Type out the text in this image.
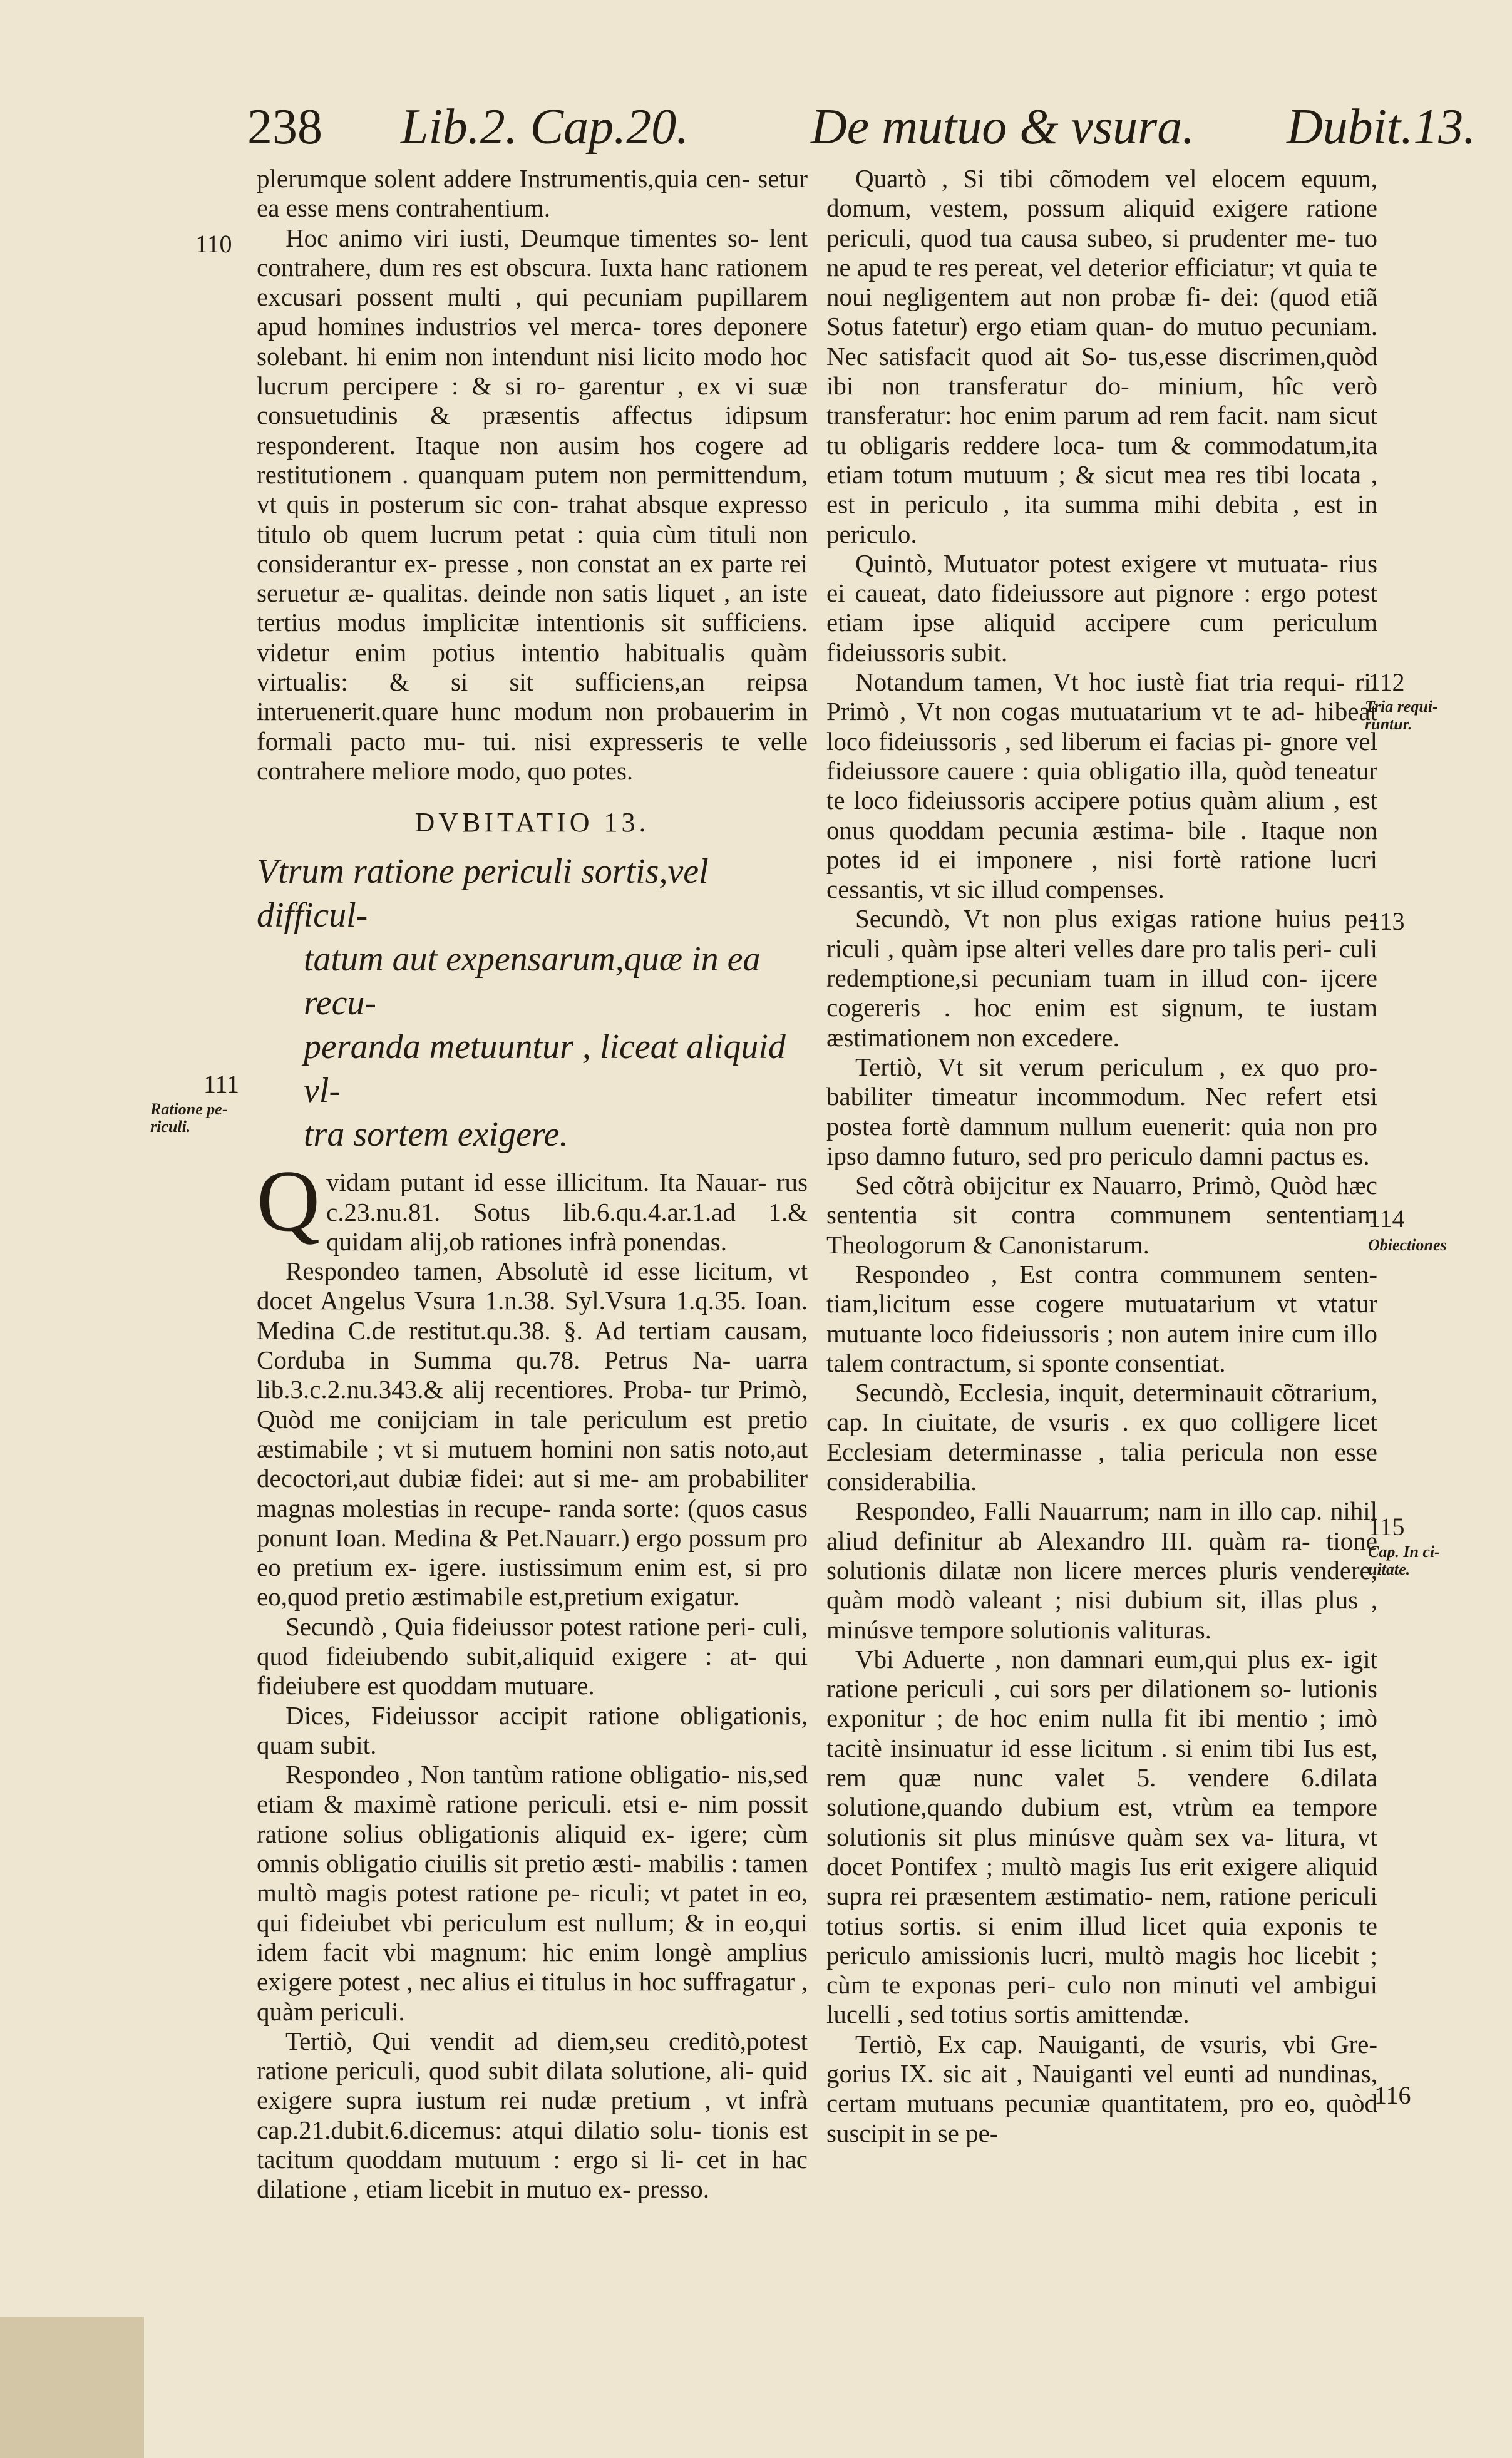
238 Lib.2. Cap.20. De mutuo & vsura. Dubit.13.

plerumque solent addere Instrumentis,quia cen- setur ea esse mens contrahentium.

Hoc animo viri iusti, Deumque timentes so- lent contrahere, dum res est obscura. Iuxta hanc rationem excusari possent multi , qui pecuniam pupillarem apud homines industrios vel merca- tores deponere solebant. hi enim non intendunt nisi licito modo hoc lucrum percipere : & si ro- garentur , ex vi suæ consuetudinis & præsentis affectus idipsum responderent. Itaque non ausim hos cogere ad restitutionem . quanquam putem non permittendum, vt quis in posterum sic con- trahat absque expresso titulo ob quem lucrum petat : quia cùm tituli non considerantur ex- presse , non constat an ex parte rei seruetur æ- qualitas. deinde non satis liquet , an iste tertius modus implicitæ intentionis sit sufficiens. videtur enim potius intentio habitualis quàm virtualis: & si sit sufficiens,an reipsa interuenerit.quare hunc modum non probauerim in formali pacto mu- tui. nisi expresseris te velle contrahere meliore modo, quo potes.

DVBITATIO 13.
Vtrum ratione periculi sortis,vel difficul-
tatum aut expensarum,quæ in ea recu-
peranda metuuntur , liceat aliquid vl-
tra sortem exigere.

Qvidam putant id esse illicitum. Ita Nauar- rus c.23.nu.81. Sotus lib.6.qu.4.ar.1.ad 1.& quidam alij,ob rationes infrà ponendas.

Respondeo tamen, Absolutè id esse licitum, vt docet Angelus Vsura 1.n.38. Syl.Vsura 1.q.35. Ioan. Medina C.de restitut.qu.38. §. Ad tertiam causam, Corduba in Summa qu.78. Petrus Na- uarra lib.3.c.2.nu.343.& alij recentiores. Proba- tur Primò, Quòd me conijciam in tale periculum est pretio æstimabile ; vt si mutuem homini non satis noto,aut decoctori,aut dubiæ fidei: aut si me- am probabiliter magnas molestias in recupe- randa sorte: (quos casus ponunt Ioan. Medina & Pet.Nauarr.) ergo possum pro eo pretium ex- igere. iustissimum enim est, si pro eo,quod pretio æstimabile est,pretium exigatur.

Secundò , Quia fideiussor potest ratione peri- culi, quod fideiubendo subit,aliquid exigere : at- qui fideiubere est quoddam mutuare.

Dices, Fideiussor accipit ratione obligationis, quam subit.

Respondeo , Non tantùm ratione obligatio- nis,sed etiam & maximè ratione periculi. etsi e- nim possit ratione solius obligationis aliquid ex- igere; cùm omnis obligatio ciuilis sit pretio æsti- mabilis : tamen multò magis potest ratione pe- riculi; vt patet in eo, qui fideiubet vbi periculum est nullum; & in eo,qui idem facit vbi magnum: hic enim longè amplius exigere potest , nec alius ei titulus in hoc suffragatur , quàm periculi.

Tertiò, Qui vendit ad diem,seu creditò,potest ratione periculi, quod subit dilata solutione, ali- quid exigere supra iustum rei nudæ pretium , vt infrà cap.21.dubit.6.dicemus: atqui dilatio solu- tionis est tacitum quoddam mutuum : ergo si li- cet in hac dilatione , etiam licebit in mutuo ex- presso.

Quartò , Si tibi cõmodem vel elocem equum, domum, vestem, possum aliquid exigere ratione periculi, quod tua causa subeo, si prudenter me- tuo ne apud te res pereat, vel deterior efficiatur; vt quia te noui negligentem aut non probæ fi- dei: (quod etiã Sotus fatetur) ergo etiam quan- do mutuo pecuniam. Nec satisfacit quod ait So- tus,esse discrimen,quòd ibi non transferatur do- minium, hîc verò transferatur: hoc enim parum ad rem facit. nam sicut tu obligaris reddere loca- tum & commodatum,ita etiam totum mutuum ; & sicut mea res tibi locata , est in periculo , ita summa mihi debita , est in periculo.

Quintò, Mutuator potest exigere vt mutuata- rius ei caueat, dato fideiussore aut pignore : ergo potest etiam ipse aliquid accipere cum periculum fideiussoris subit.

Notandum tamen, Vt hoc iustè fiat tria requi- ri. Primò , Vt non cogas mutuatarium vt te ad- hibeat loco fideiussoris , sed liberum ei facias pi- gnore vel fideiussore cauere : quia obligatio illa, quòd teneatur te loco fideiussoris accipere potius quàm alium , est onus quoddam pecunia æstima- bile . Itaque non potes id ei imponere , nisi fortè ratione lucri cessantis, vt sic illud compenses.

Secundò, Vt non plus exigas ratione huius pe- riculi , quàm ipse alteri velles dare pro talis peri- culi redemptione,si pecuniam tuam in illud con- ijcere cogereris . hoc enim est signum, te iustam æstimationem non excedere.

Tertiò, Vt sit verum periculum , ex quo pro- babiliter timeatur incommodum. Nec refert etsi postea fortè damnum nullum euenerit: quia non pro ipso damno futuro, sed pro periculo damni pactus es.

Sed cõtrà obijcitur ex Nauarro, Primò, Quòd hæc sententia sit contra communem sententiam Theologorum & Canonistarum.

Respondeo , Est contra communem senten- tiam,licitum esse cogere mutuatarium vt vtatur mutuante loco fideiussoris ; non autem inire cum illo talem contractum, si sponte consentiat.

Secundò, Ecclesia, inquit, determinauit cõtrarium, cap. In ciuitate, de vsuris . ex quo colligere licet Ecclesiam determinasse , talia pericula non esse considerabilia.

Respondeo, Falli Nauarrum; nam in illo cap. nihil aliud definitur ab Alexandro III. quàm ra- tione solutionis dilatæ non licere merces pluris vendere, quàm modò valeant ; nisi dubium sit, illas plus , minúsve tempore solutionis valituras.

Vbi Aduerte , non damnari eum,qui plus ex- igit ratione periculi , cui sors per dilationem so- lutionis exponitur ; de hoc enim nulla fit ibi mentio ; imò tacitè insinuatur id esse licitum . si enim tibi Ius est, rem quæ nunc valet 5. vendere 6.dilata solutione,quando dubium est, vtrùm ea tempore solutionis sit plus minúsve quàm sex va- litura, vt docet Pontifex ; multò magis Ius erit exigere aliquid supra rei præsentem æstimatio- nem, ratione periculi totius sortis. si enim illud licet quia exponis te periculo amissionis lucri, multò magis hoc licebit ; cùm te exponas peri- culo non minuti vel ambigui lucelli , sed totius sortis amittendæ.

Tertiò, Ex cap. Nauiganti, de vsuris, vbi Gre- gorius IX. sic ait , Nauiganti vel eunti ad nundinas, certam mutuans pecuniæ quantitatem, pro eo, quòd suscipit in se pe-

110
111
Ratione pe- riculi.
112
Tria requi- runtur.
113
114
Obiectiones
115
Cap. In ci- uitate.
116
